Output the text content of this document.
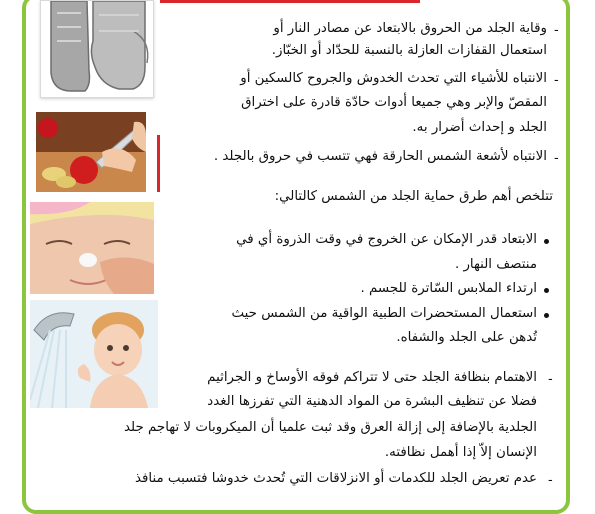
-
وقاية الجلد من الحروق بالابتعاد عن مصادر النار أو
استعمال القفازات العازلة بالنسبة للحدّاد أو الخبّاز.
-
الانتباه للأشياء التي تحدث الخدوش والجروح كالسكين أو
المقصّ والإبر وهي جميعا أدوات حادّة قادرة على اختراق
الجلد و إحداث أضرار به.
-
الانتباه لأشعة الشمس الحارقة فهي تتسب في حروق بالجلد .
تتلخص أهم طرق حماية الجلد من الشمس كالتالي:
الابتعاد قدر الإمكان عن الخروج في وقت الذروة أي في
منتصف النهار .
ارتداء الملابس السّاترة للجسم .
استعمال المستحضرات الطبية الواقية من الشمس حيث
تُدهن على الجلد والشفاه.
-
الاهتمام بنظافة الجلد حتى لا تتراكم فوقه الأوساخ و الجراثيم
فضلا عن تنظيف البشرة من المواد الدهنية التي تفرزها الغدد
الجلدية بالإضافة إلى إزالة العرق وقد ثبت علميا أن الميكروبات لا تهاجم جلد
الإنسان إلاّ إذا أهمل نظافته.
-
عدم تعريض الجلد للكدمات أو الانزلاقات التي تُحدث خدوشا فتسبب منافذ
